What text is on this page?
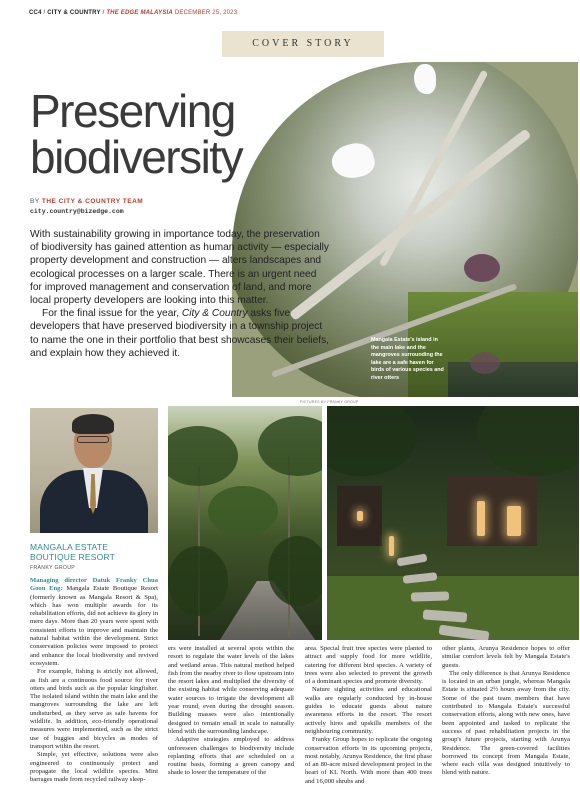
CC4 / CITY & COUNTRY / THE EDGE MALAYSIA DECEMBER 25, 2023
COVER STORY
Preserving
biodiversity
BY THE CITY & COUNTRY TEAM
city.country@bizedge.com

With sustainability growing in importance today, the preservation of biodiversity has gained attention as human activity — especially property development and construction — alters landscapes and ecological processes on a larger scale. There is an urgent need for improved management and conservation of land, and more local property developers are looking into this matter.

For the final issue for the year, City & Country asks five developers that have preserved biodiversity in a township project to name the one in their portfolio that best showcases their beliefs, and explain how they achieved it.

Mangala Estate's island in the main lake and the mangroves surrounding the lake are a safe haven for birds of various species and river otters
PICTURES BY FRANKY GROUP
MANGALA ESTATE
BOUTIQUE RESORT
FRANKY GROUP

Managing director Datuk Franky Chua Goon Eng: Mangala Estate Boutique Resort (formerly known as Mangala Resort & Spa), which has won multiple awards for its rehabilitation efforts, did not achieve its glory in mere days. More than 20 years were spent with consistent efforts to improve and maintain the natural habitat within the development. Strict conservation policies were imposed to protect and enhance the local biodiversity and revived ecosystem.

For example, fishing is strictly not allowed, as fish are a continuous food source for river otters and birds such as the popular kingfisher. The isolated island within the main lake and the mangroves surrounding the lake are left undisturbed, as they serve as safe havens for wildlife. In addition, eco-friendly operational measures were implemented, such as the strict use of buggies and bicycles as modes of transport within the resort.

Simple, yet effective, solutions were also engineered to continuously protect and propagate the local wildlife species. Mini barrages made from recycled railway sleep-

ers were installed at several spots within the resort to regulate the water levels of the lakes and wetland areas. This natural method helped fish from the nearby river to flow upstream into the resort lakes and multiplied the diversity of the existing habitat while conserving adequate water sources to irrigate the development all year round, even during the drought season. Building masses were also intentionally designed to remain small in scale to naturally blend with the surrounding landscape.

Adaptive strategies employed to address unforeseen challenges to biodiversity include replanting efforts that are scheduled on a routine basis, forming a green canopy and shade to lower the temperature of the

area. Special fruit tree species were planted to attract and supply food for more wildlife, catering for different bird species. A variety of trees were also selected to prevent the growth of a dominant species and promote diversity.

Nature sighting activities and educational walks are regularly conducted by in-house guides to educate guests about nature awareness efforts in the resort. The resort actively hires and upskills members of the neighbouring community.

Franky Group hopes to replicate the ongoing conservation efforts in its upcoming projects, most notably, Arunya Residence, the first phase of an 80-acre mixed development project in the heart of KL North. With more than 400 trees and 16,000 shrubs and

other plants, Arunya Residence hopes to offer similar comfort levels felt by Mangala Estate's guests.

The only difference is that Arunya Residence is located in an urban jungle, whereas Mangala Estate is situated 2½ hours away from the city. Some of the past team members that have contributed to Mangala Estate's successful conservation efforts, along with new ones, have been appointed and tasked to replicate the success of past rehabilitation projects in the group's future projects, starting with Arunya Residence. The green-covered facilities borrowed its concept from Mangala Estate, where each villa was designed intuitively to blend with nature.
